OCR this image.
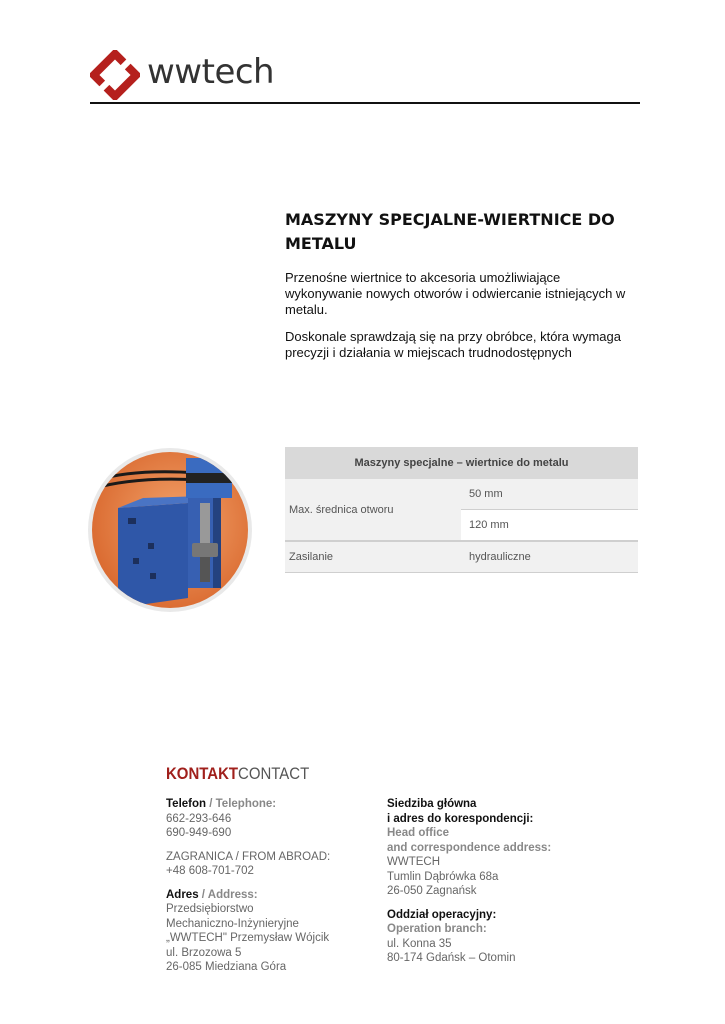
wwtech
MASZYNY SPECJALNE-WIERTNICE DO
METALU
Przenośne wiertnice to akcesoria umożliwiające wykonywanie nowych otworów i odwiercanie istniejących w metalu.
Doskonale sprawdzają się na przy obróbce, która wymaga precyzji i działania w miejscach trudnodostępnych
Maszyny specjalne – wiertnice do metalu
Max. średnica otworu
50 mm
120 mm
Zasilanie	hydrauliczne
KONTAKTCONTACT
Telefon / Telephone:
662-293-646
690-949-690
ZAGRANICA / FROM ABROAD:
+48 608-701-702
Adres / Address:
Przedsiębiorstwo
Mechaniczno-Inżynieryjne
„WWTECH" Przemysław Wójcik
ul. Brzozowa 5
26-085 Miedziana Góra
Siedziba główna
i adres do korespondencji:
Head office
and correspondence address:
WWTECH
Tumlin Dąbrówka 68a
26-050 Zagnańsk
Oddział operacyjny:
Operation branch:
ul. Konna 35
80-174 Gdańsk – Otomin
